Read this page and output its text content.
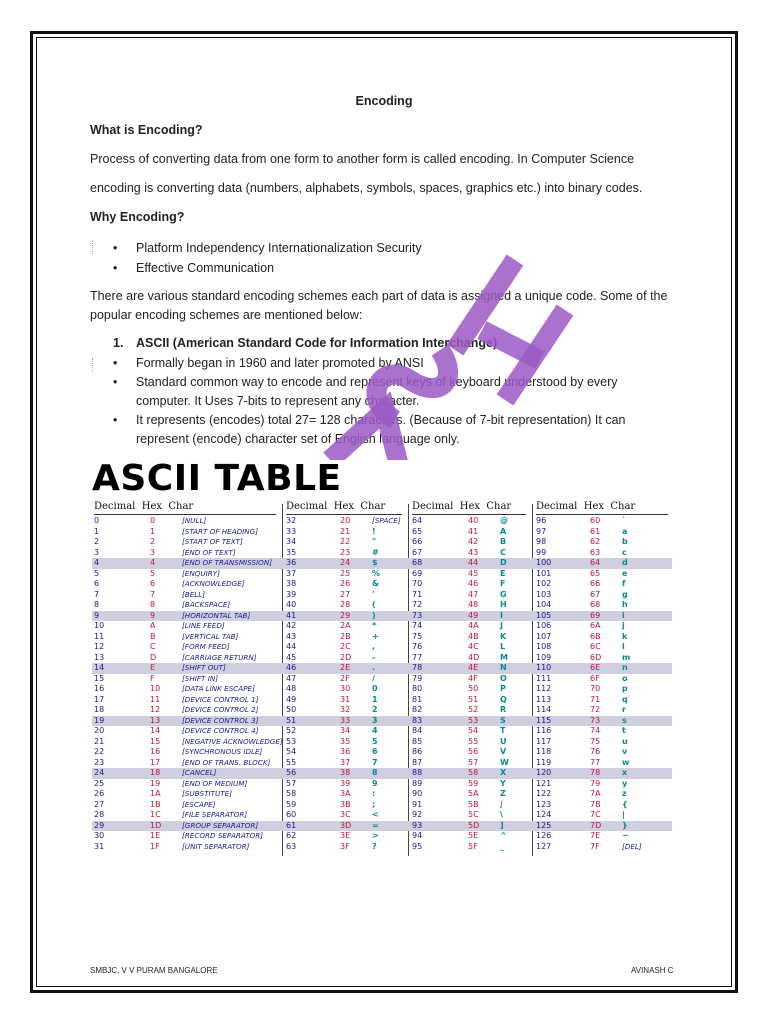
Encoding
What is Encoding?
Process of converting data from one form to another form is called encoding. In Computer Science
encoding is converting data (numbers, alphabets, symbols, spaces, graphics etc.) into binary codes.
Why Encoding?
• Platform Independency Internationalization Security
• Effective Communication
There are various standard encoding schemes each part of data is assigned a unique code. Some of the popular encoding schemes are mentioned below:
1. ASCII (American Standard Code for Information Interchange)
• Formally began in 1960 and later promoted by ANSI
• Standard common way to encode and represent keys of keyboard understood by every computer. It Uses 7-bits to represent any character.
• It represents (encodes) total 27= 128 characters. (Because of 7-bit representation) It can represent (encode) character set of English language only.
ASCII TABLE
Decimal  Hex  Char	Decimal  Hex  Char	Decimal  Hex  Char Decimal  Hex  Char
0	0	[NULL]
1	1	[START OF HEADING]
2	2	[START OF TEXT]
3	3	[END OF TEXT]
4	4	[END OF TRANSMISSION]
5	5	[ENQUIRY]
6	6	[ACKNOWLEDGE]
7	7	[BELL]
8	8	[BACKSPACE]
9	9	[HORIZONTAL TAB]
10	A	[LINE FEED]
11	B	[VERTICAL TAB]
12	C	[FORM FEED]
13	D	[CARRIAGE RETURN]
14	E	[SHIFT OUT]
15	F	[SHIFT IN]
16	10	[DATA LINK ESCAPE]
17	11	[DEVICE CONTROL 1]
18	12	[DEVICE CONTROL 2]
19	13	[DEVICE CONTROL 3]
20	14	[DEVICE CONTROL 4]
21	15	[NEGATIVE ACKNOWLEDGE]
22	16	[SYNCHRONOUS IDLE]
23	17	[END OF TRANS. BLOCK]
24	18	[CANCEL]
25	19	[END OF MEDIUM]
26	1A	[SUBSTITUTE]
27	1B	[ESCAPE]
28	1C	[FILE SEPARATOR]
29	1D	[GROUP SEPARATOR]
30	1E	[RECORD SEPARATOR]
31	1F	[UNIT SEPARATOR]
32	20	[SPACE]
33	21	!
34	22	"
35	23	#
36	24	$
37	25	%
38	26	&
39	27	'
40	28	(
41	29	)
42	2A	*
43	2B	+
44	2C	,
45	2D	-
46	2E	.
47	2F	/
48	30	0
49	31	1
50	32	2
51	33	3
52	34	4
53	35	5
54	36	6
55	37	7
56	38	8
57	39	9
58	3A	:
59	3B	;
60	3C	<
61	3D	=
62	3E	>
63	3F	?
64	40	@
65	41	A
66	42	B
67	43	C
68	44	D
69	45	E
70	46	F
71	47	G
72	48	H
73	49	I
74	4A	J
75	4B	K
76	4C	L
77	4D	M
78	4E	N
79	4F	O
80	50	P
81	51	Q
82	52	R
83	53	S
84	54	T
85	55	U
86	56	V
87	57	W
88	58	X
89	59	Y
90	5A	Z
91	5B	[
92	5C	\
93	5D	]
94	5E	^
95	5F	_
96	60	`
97	61	a
98	62	b
99	63	c
100	64	d
101	65	e
102	66	f
103	67	g
104	68	h
105	69	i
106	6A	j
107	6B	k
108	6C	l
109	6D	m
110	6E	n
111	6F	o
112	70	p
113	71	q
114	72	r
115	73	s
116	74	t
117	75	u
118	76	v
119	77	w
120	78	x
121	79	y
122	7A	z
123	7B	{
124	7C	|
125	7D	}
126	7E	~
127	7F	[DEL]
SMBJC, V V PURAM BANGALORE	AVINASH C
